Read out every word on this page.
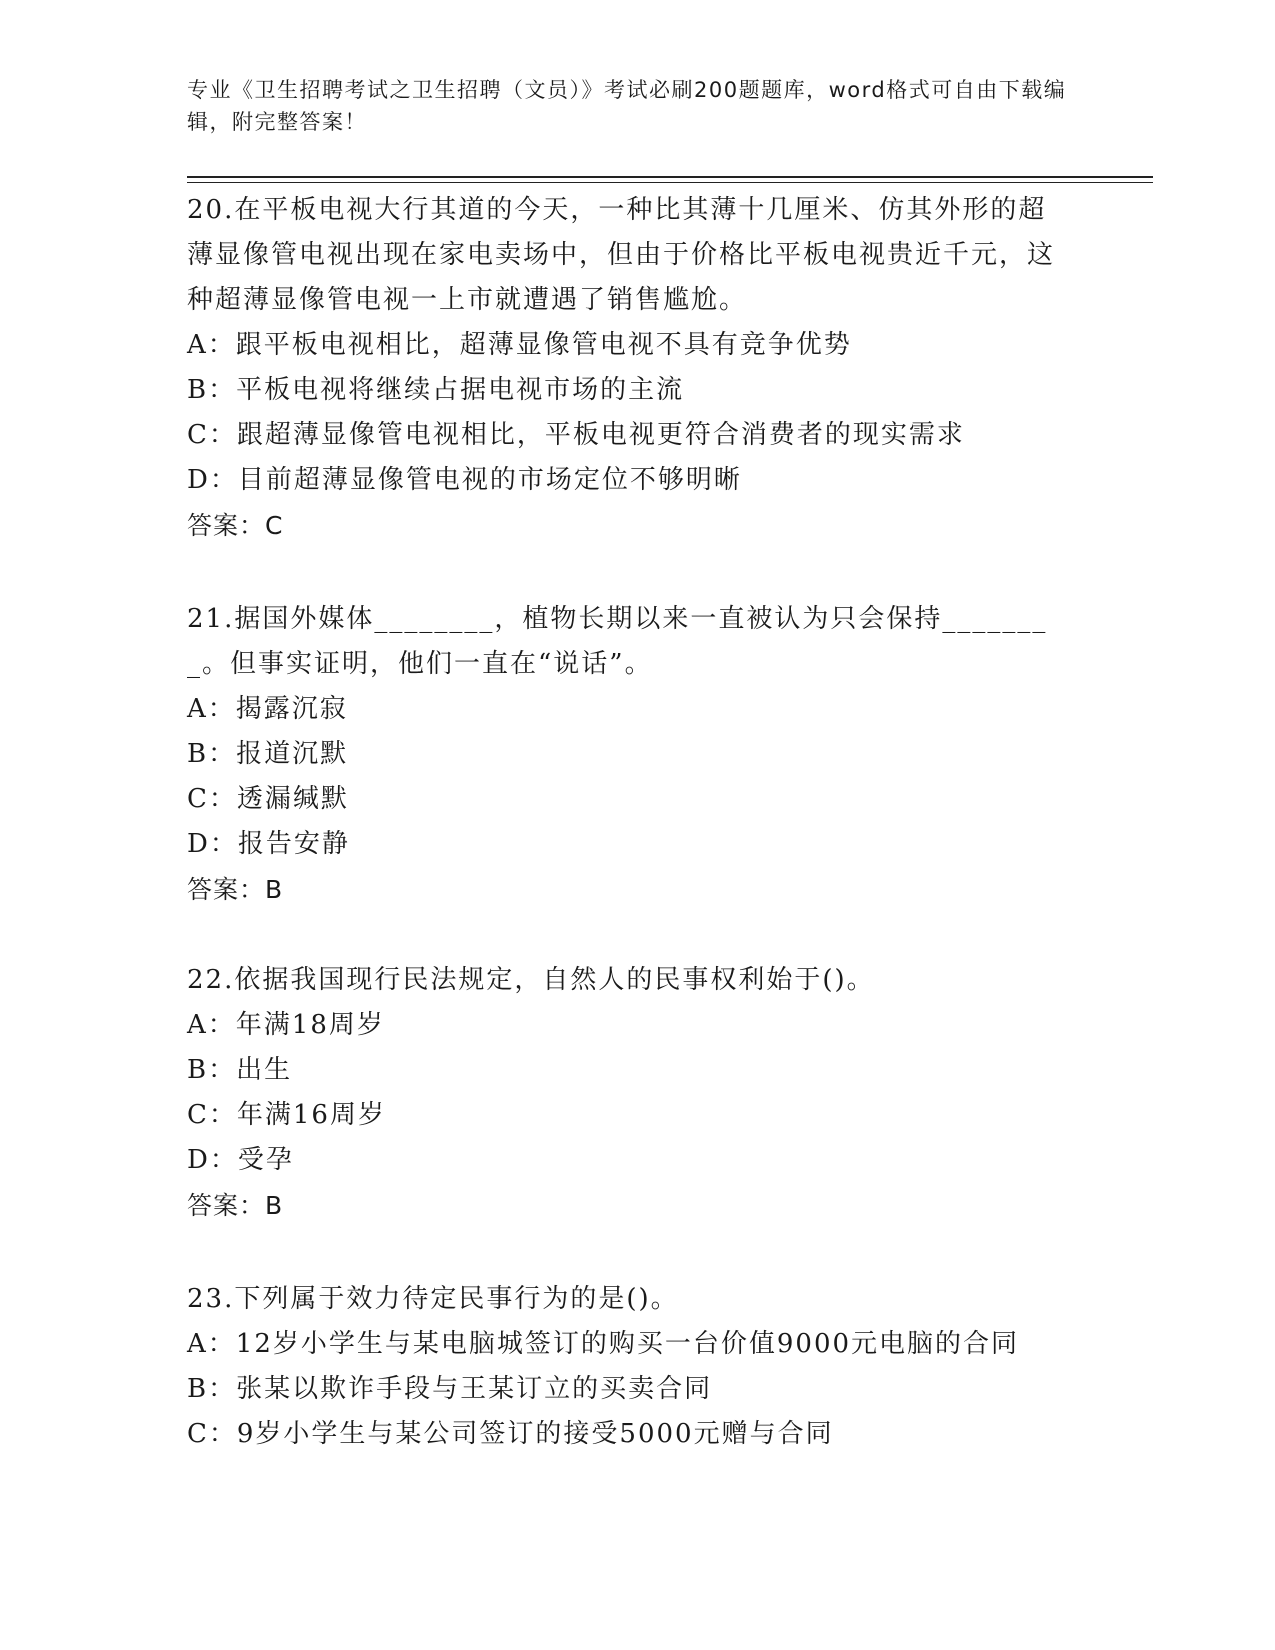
专业《卫生招聘考试之卫生招聘（文员）》考试必刷200题题库，word格式可自由下载编辑，附完整答案！
20.在平板电视大行其道的今天，一种比其薄十几厘米、仿其外形的超薄显像管电视出现在家电卖场中，但由于价格比平板电视贵近千元，这种超薄显像管电视一上市就遭遇了销售尴尬。
A：跟平板电视相比，超薄显像管电视不具有竞争优势
B：平板电视将继续占据电视市场的主流
C：跟超薄显像管电视相比，平板电视更符合消费者的现实需求
D：目前超薄显像管电视的市场定位不够明晰
答案：C
21.据国外媒体________，植物长期以来一直被认为只会保持________。但事实证明，他们一直在“说话”。
A：揭露沉寂
B：报道沉默
C：透漏缄默
D：报告安静
答案：B
22.依据我国现行民法规定，自然人的民事权利始于()。
A：年满18周岁
B：出生
C：年满16周岁
D：受孕
答案：B
23.下列属于效力待定民事行为的是()。
A：12岁小学生与某电脑城签订的购买一台价值9000元电脑的合同
B：张某以欺诈手段与王某订立的买卖合同
C：9岁小学生与某公司签订的接受5000元赠与合同
